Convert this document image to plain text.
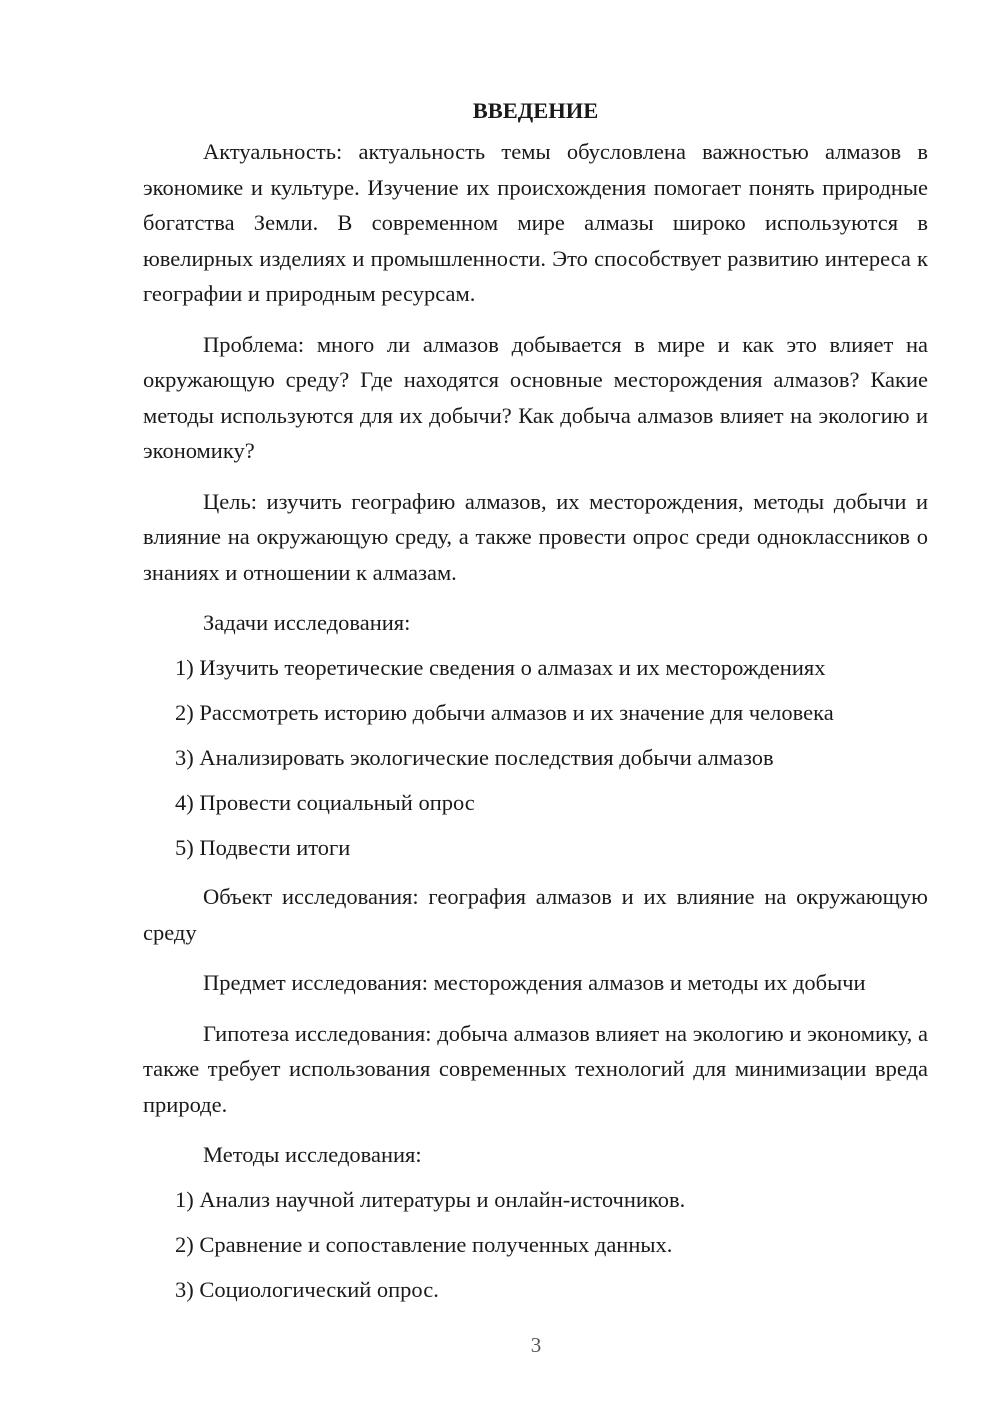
ВВЕДЕНИЕ

Актуальность: актуальность темы обусловлена важностью алмазов в экономике и культуре. Изучение их происхождения помогает понять природные богатства Земли. В современном мире алмазы широко используются в ювелирных изделиях и промышленности. Это способствует развитию интереса к географии и природным ресурсам.

Проблема: много ли алмазов добывается в мире и как это влияет на окружающую среду? Где находятся основные месторождения алмазов? Какие методы используются для их добычи? Как добыча алмазов влияет на экологию и экономику?

Цель: изучить географию алмазов, их месторождения, методы добычи и влияние на окружающую среду, а также провести опрос среди одноклассников о знаниях и отношении к алмазам.

Задачи исследования:

1) Изучить теоретические сведения о алмазах и их месторождениях

2) Рассмотреть историю добычи алмазов и их значение для человека

3) Анализировать экологические последствия добычи алмазов

4) Провести социальный опрос

5) Подвести итоги

Объект исследования: география алмазов и их влияние на окружающую среду

Предмет исследования: месторождения алмазов и методы их добычи

Гипотеза исследования: добыча алмазов влияет на экологию и экономику, а также требует использования современных технологий для минимизации вреда природе.

Методы исследования:

1) Анализ научной литературы и онлайн-источников.

2) Сравнение и сопоставление полученных данных.

3) Социологический опрос.

3
